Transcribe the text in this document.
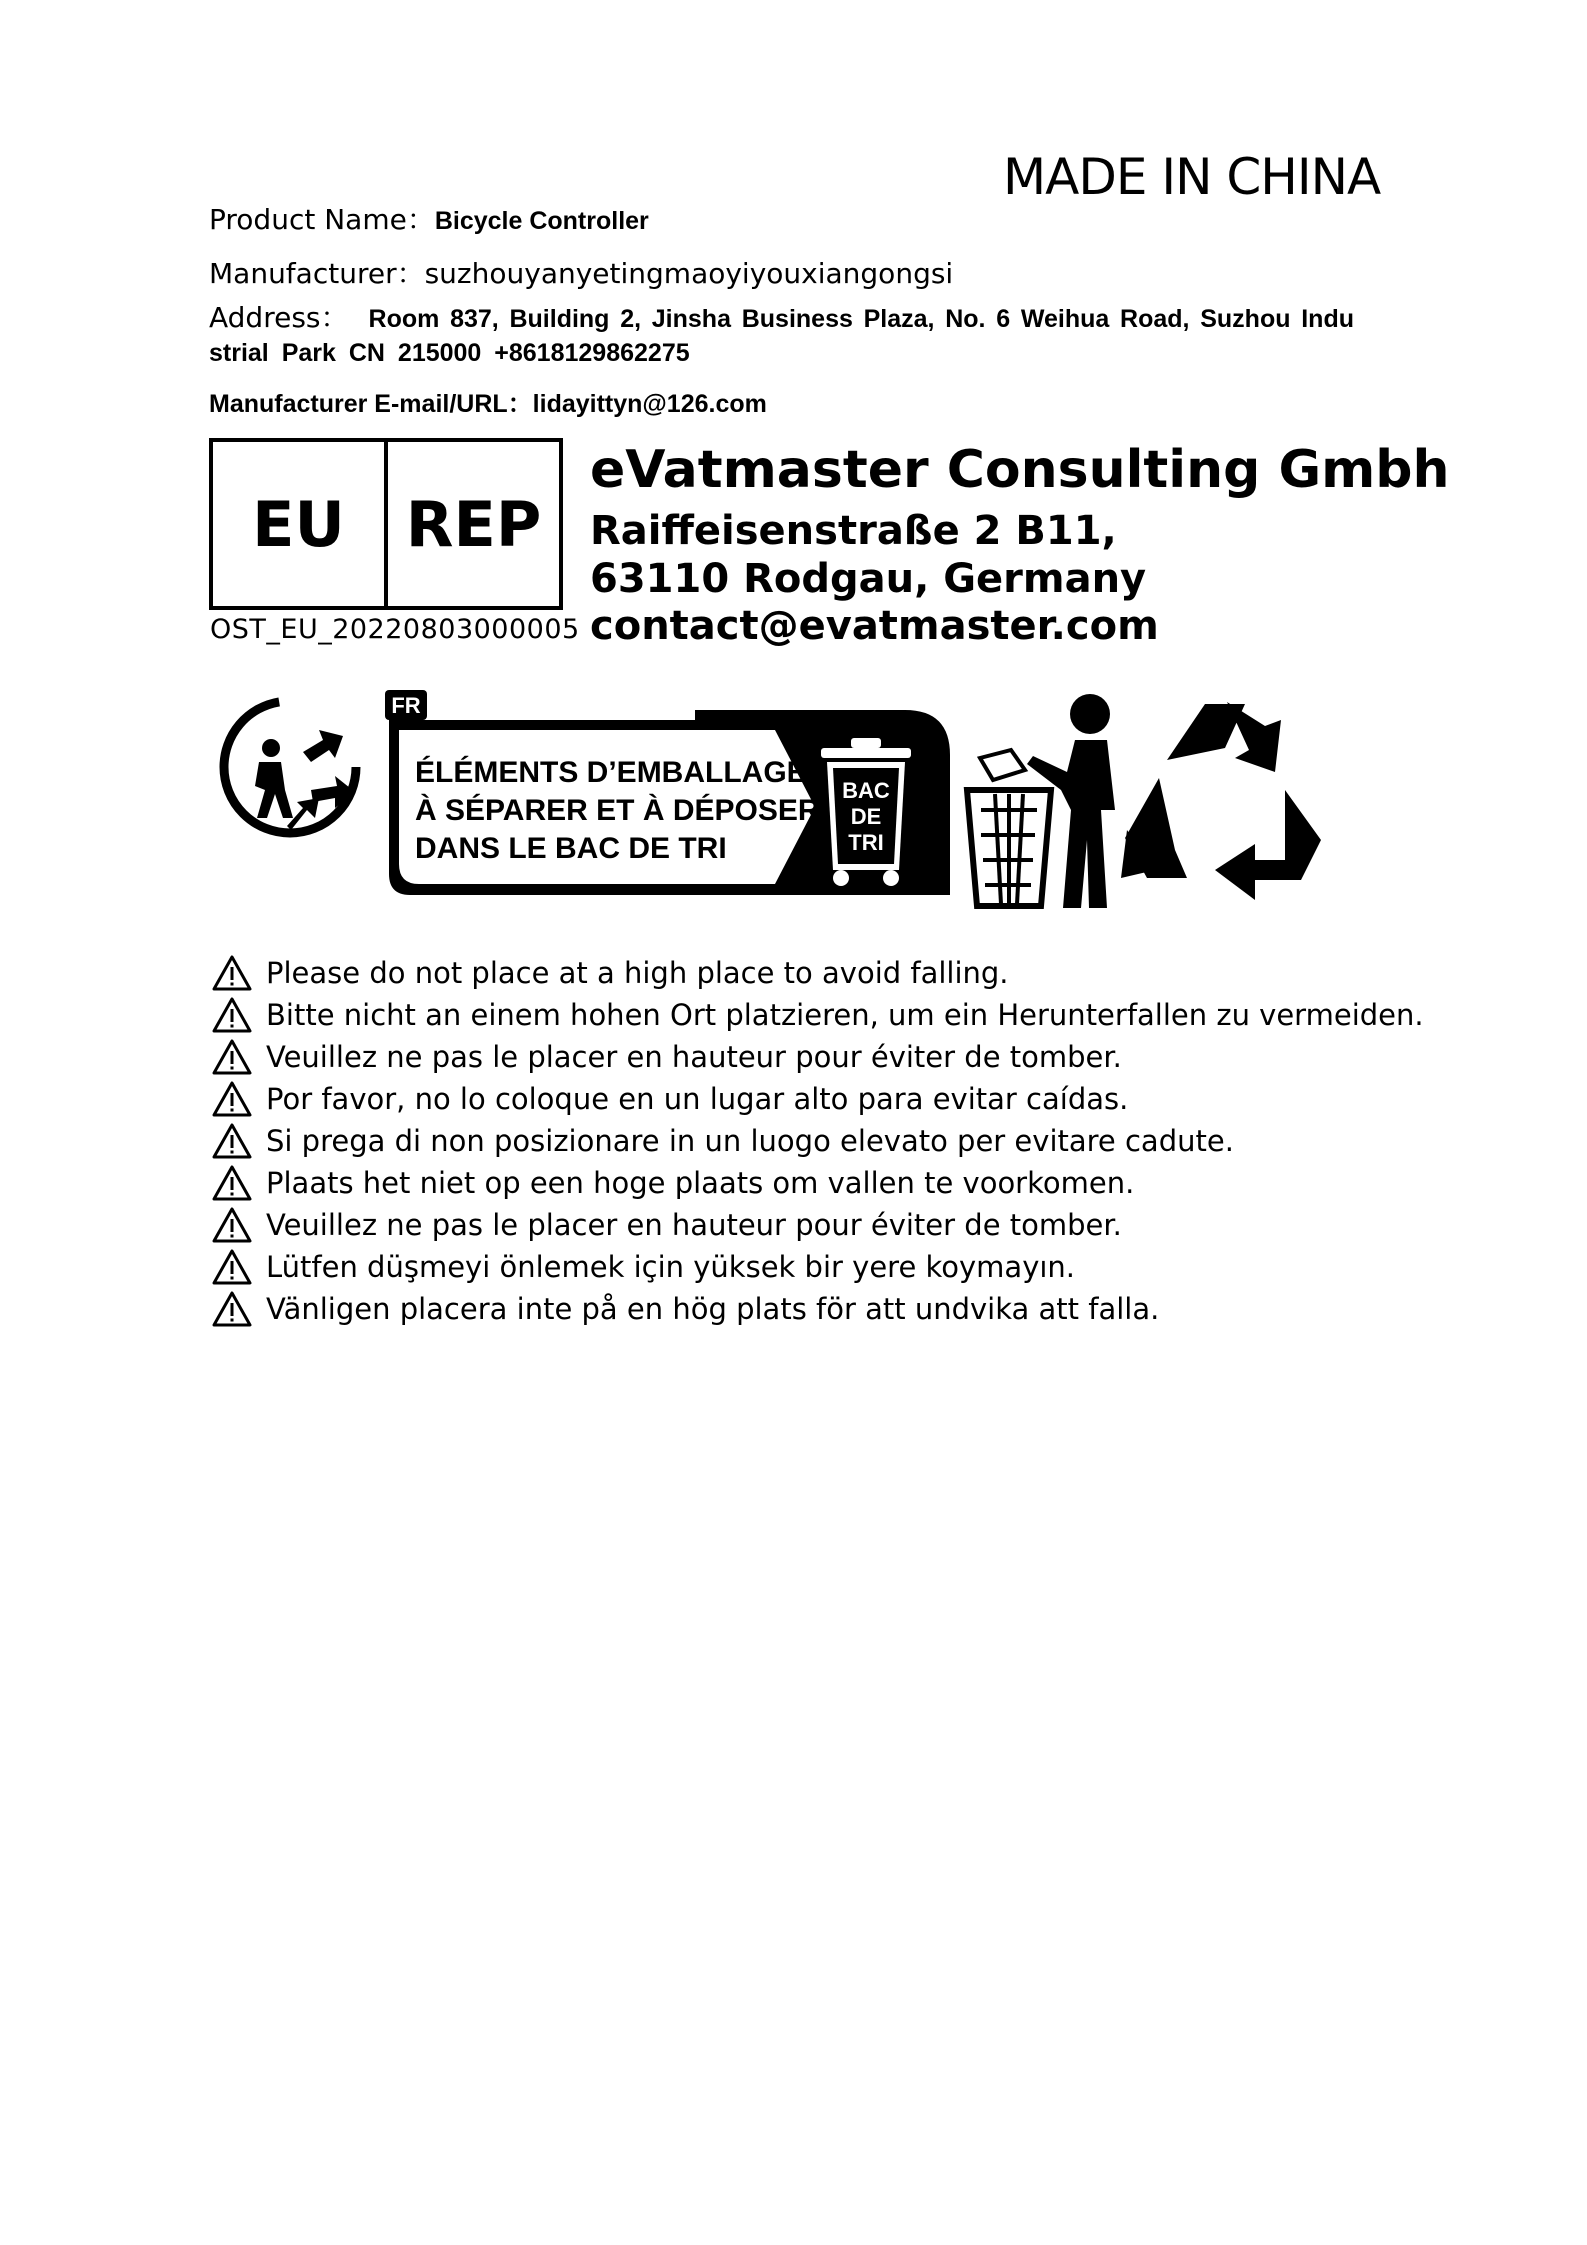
MADE IN CHINA
Product Name：Bicycle Controller
Manufacturer：suzhouyanyetingmaoyiyouxiangongsi
Address： Room 837, Building 2, Jinsha Business Plaza, No. 6 Weihua Road, Suzhou Indu
strial Park CN 215000 +8618129862275
Manufacturer E-mail/URL：lidayittyn@126.com
EU REP
OST_EU_20220803000005
eVatmaster Consulting Gmbh
Raiffeisenstraße 2 B11,
63110 Rodgau, Germany
contact@evatmaster.com
FR
ÉLÉMENTS D’EMBALLAGE
À SÉPARER ET À DÉPOSER
DANS LE BAC DE TRI
BAC
DE
TRI
Please do not place at a high place to avoid falling.
Bitte nicht an einem hohen Ort platzieren, um ein Herunterfallen zu vermeiden.
Veuillez ne pas le placer en hauteur pour éviter de tomber.
Por favor, no lo coloque en un lugar alto para evitar caídas.
Si prega di non posizionare in un luogo elevato per evitare cadute.
Plaats het niet op een hoge plaats om vallen te voorkomen.
Veuillez ne pas le placer en hauteur pour éviter de tomber.
Lütfen düşmeyi önlemek için yüksek bir yere koymayın.
Vänligen placera inte på en hög plats för att undvika att falla.
